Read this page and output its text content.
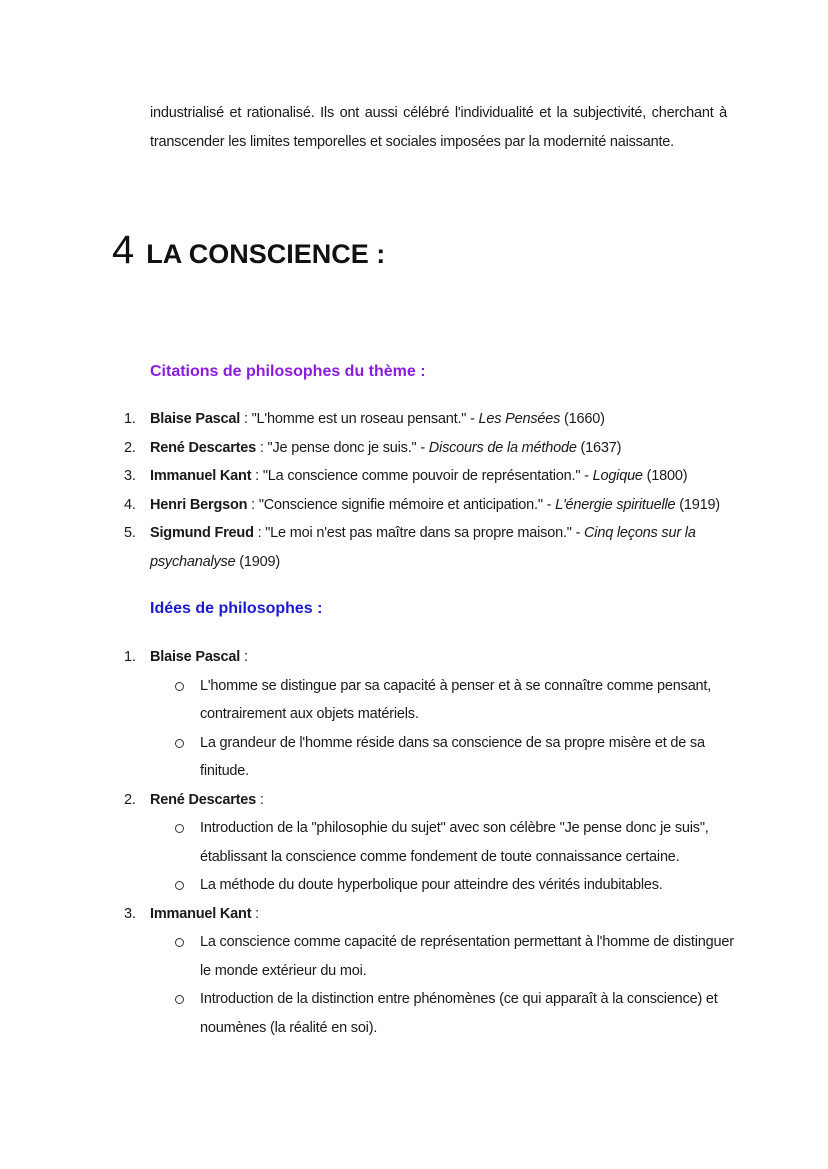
industrialisé et rationalisé. Ils ont aussi célébré l'individualité et la subjectivité, cherchant à
transcender les limites temporelles et sociales imposées par la modernité naissante.
4 LA CONSCIENCE :
Citations de philosophes du thème :
1. Blaise Pascal : "L'homme est un roseau pensant." - Les Pensées (1660)
2. René Descartes : "Je pense donc je suis." - Discours de la méthode (1637)
3. Immanuel Kant : "La conscience comme pouvoir de représentation." - Logique (1800)
4. Henri Bergson : "Conscience signifie mémoire et anticipation." - L'énergie spirituelle (1919)
5. Sigmund Freud : "Le moi n'est pas maître dans sa propre maison." - Cinq leçons sur la
psychanalyse (1909)
Idées de philosophes :
1. Blaise Pascal :
L'homme se distingue par sa capacité à penser et à se connaître comme pensant,
contrairement aux objets matériels.
La grandeur de l'homme réside dans sa conscience de sa propre misère et de sa
finitude.
2. René Descartes :
Introduction de la "philosophie du sujet" avec son célèbre "Je pense donc je suis",
établissant la conscience comme fondement de toute connaissance certaine.
La méthode du doute hyperbolique pour atteindre des vérités indubitables.
3. Immanuel Kant :
La conscience comme capacité de représentation permettant à l'homme de distinguer
le monde extérieur du moi.
Introduction de la distinction entre phénomènes (ce qui apparaît à la conscience) et
noumènes (la réalité en soi).
